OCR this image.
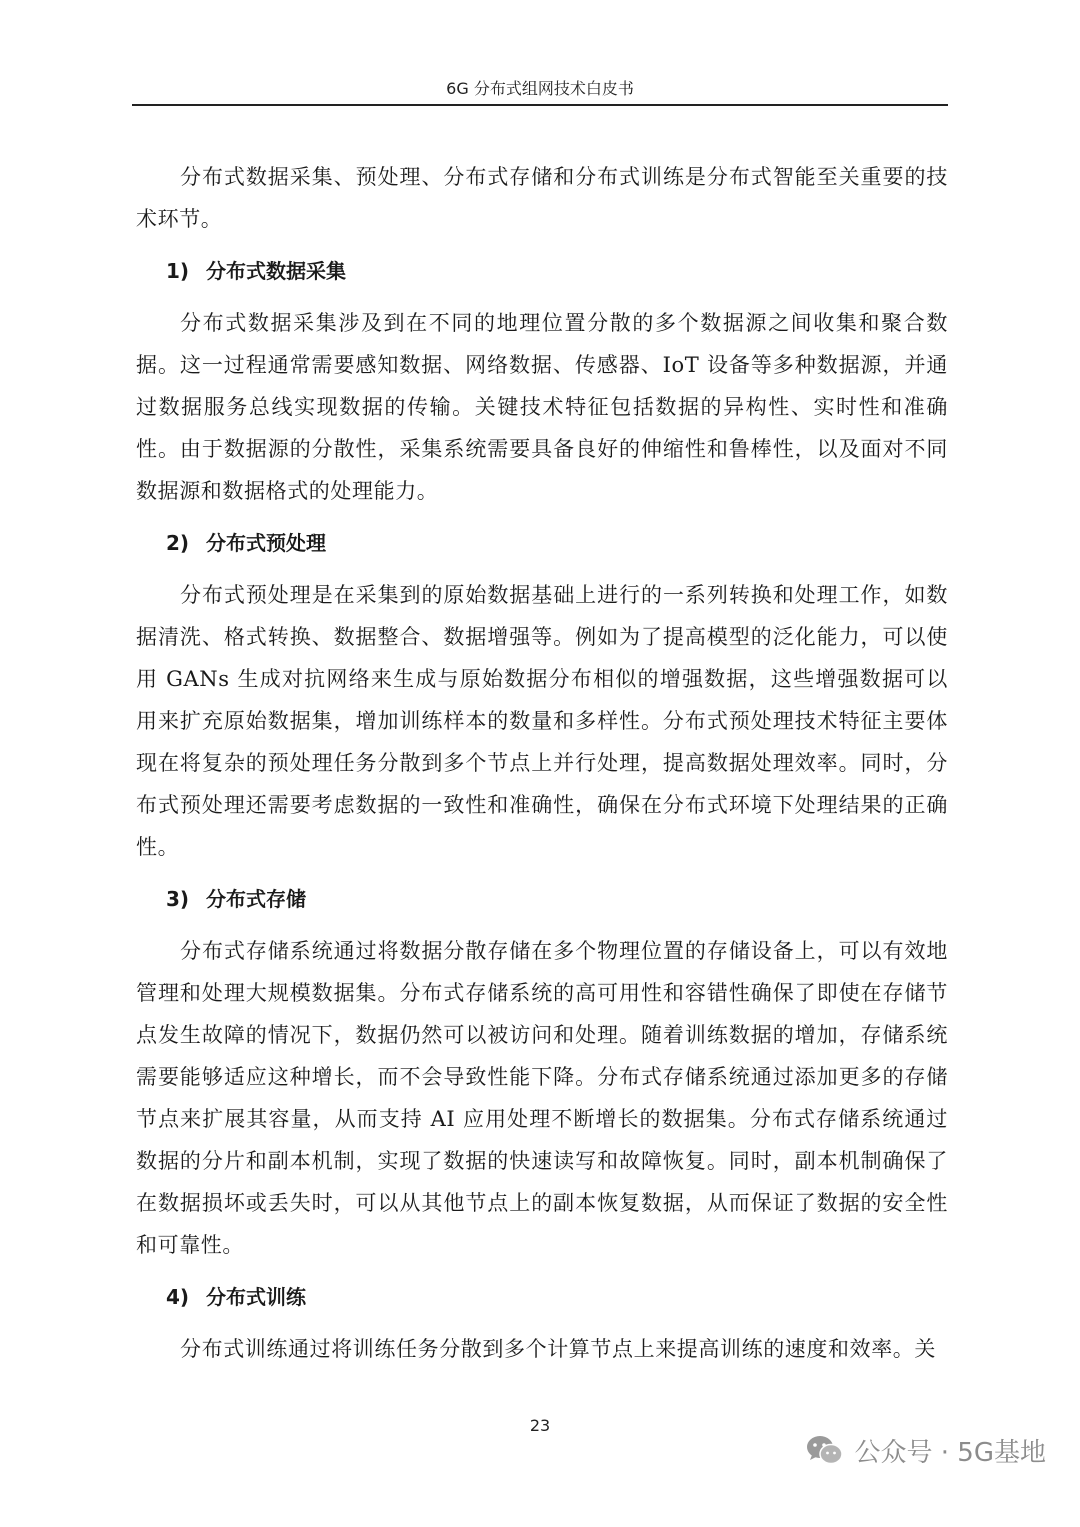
6G 分布式组网技术白皮书

分布式数据采集、预处理、分布式存储和分布式训练是分布式智能至关重要的技术环节。

1) 分布式数据采集

分布式数据采集涉及到在不同的地理位置分散的多个数据源之间收集和聚合数据。这一过程通常需要感知数据、网络数据、传感器、IoT 设备等多种数据源，并通过数据服务总线实现数据的传输。关键技术特征包括数据的异构性、实时性和准确性。由于数据源的分散性，采集系统需要具备良好的伸缩性和鲁棒性，以及面对不同数据源和数据格式的处理能力。

2) 分布式预处理

分布式预处理是在采集到的原始数据基础上进行的一系列转换和处理工作，如数据清洗、格式转换、数据整合、数据增强等。例如为了提高模型的泛化能力，可以使用 GANs 生成对抗网络来生成与原始数据分布相似的增强数据，这些增强数据可以用来扩充原始数据集，增加训练样本的数量和多样性。分布式预处理技术特征主要体现在将复杂的预处理任务分散到多个节点上并行处理，提高数据处理效率。同时，分布式预处理还需要考虑数据的一致性和准确性，确保在分布式环境下处理结果的正确性。

3) 分布式存储

分布式存储系统通过将数据分散存储在多个物理位置的存储设备上，可以有效地管理和处理大规模数据集。分布式存储系统的高可用性和容错性确保了即使在存储节点发生故障的情况下，数据仍然可以被访问和处理。随着训练数据的增加，存储系统需要能够适应这种增长，而不会导致性能下降。分布式存储系统通过添加更多的存储节点来扩展其容量，从而支持 AI 应用处理不断增长的数据集。分布式存储系统通过数据的分片和副本机制，实现了数据的快速读写和故障恢复。同时，副本机制确保了在数据损坏或丢失时，可以从其他节点上的副本恢复数据，从而保证了数据的安全性和可靠性。

4) 分布式训练

分布式训练通过将训练任务分散到多个计算节点上来提高训练的速度和效率。关

23
公众号 · 5G基地
